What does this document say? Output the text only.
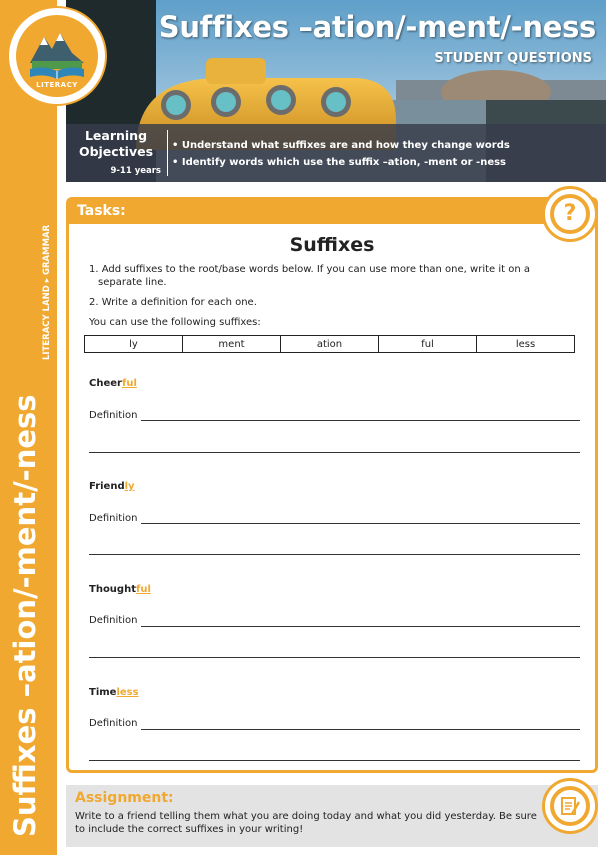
Suffixes –ation/-ment/-ness
LITERACY LAND ▸ GRAMMAR
LITERACY
Suffixes –ation/-ment/-ness
STUDENT QUESTIONS
Learning
Objectives
9-11 years
• Understand what suffixes are and how they change words
• Identify words which use the suffix –ation, -ment or -ness
Tasks:	?
Suffixes
1. Add suffixes to the root/base words below. If you can use more than one, write it on a separate line.
2. Write a definition for each one.
You can use the following suffixes:
ly	ment	ation	ful	less
Cheerful
Definition
Friendly
Definition
Thoughtful
Definition
Timeless
Definition
Assignment:
Write to a friend telling them what you are doing today and what you did yesterday. Be sure to include the correct suffixes in your writing!
